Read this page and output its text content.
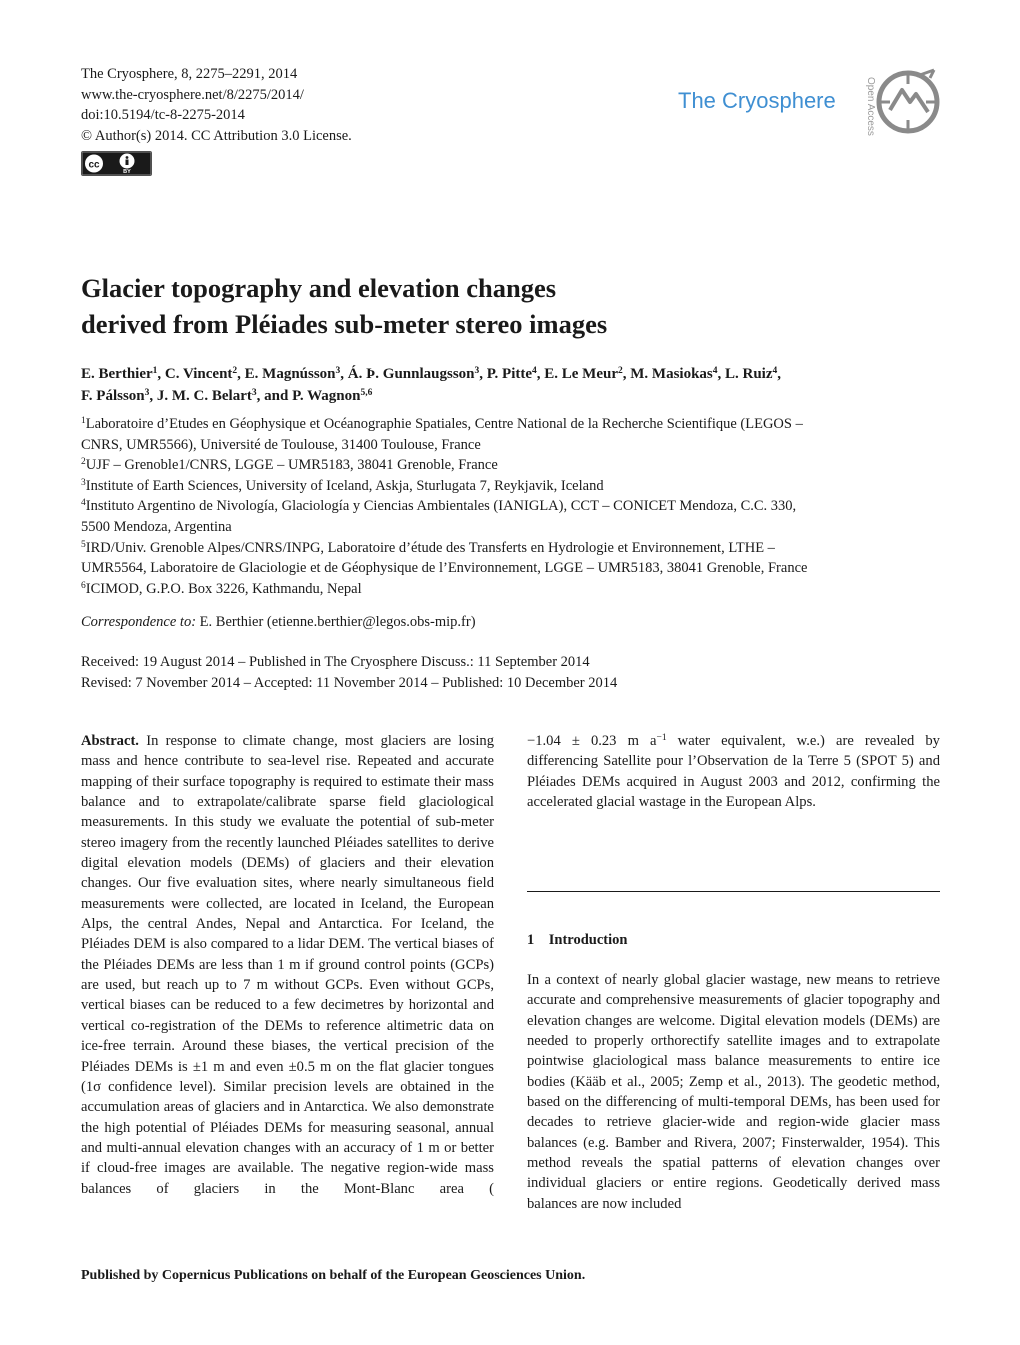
The Cryosphere, 8, 2275–2291, 2014
www.the-cryosphere.net/8/2275/2014/
doi:10.5194/tc-8-2275-2014
© Author(s) 2014. CC Attribution 3.0 License.
cc
BY
The Cryosphere	Open Access
Glacier topography and elevation changes
derived from Pléiades sub-meter stereo images
E. Berthier$^1$, C. Vincent$^2$, E. Magnússon$^3$, Á. Þ. Gunnlaugsson$^3$, P. Pitte$^4$, E. Le Meur$^2$, M. Masiokas$^4$, L. Ruiz$^4$,
F. Pálsson$^3$, J. M. C. Belart$^3$, and P. Wagnon$^{5,6}$
$^1$Laboratoire d’Etudes en Géophysique et Océanographie Spatiales, Centre National de la Recherche Scientifique (LEGOS –
CNRS, UMR5566), Université de Toulouse, 31400 Toulouse, France
$^2$UJF – Grenoble1/CNRS, LGGE – UMR5183, 38041 Grenoble, France
$^3$Institute of Earth Sciences, University of Iceland, Askja, Sturlugata 7, Reykjavik, Iceland
$^4$Instituto Argentino de Nivología, Glaciología y Ciencias Ambientales (IANIGLA), CCT – CONICET Mendoza, C.C. 330,
5500 Mendoza, Argentina
$^5$IRD/Univ. Grenoble Alpes/CNRS/INPG, Laboratoire d’étude des Transferts en Hydrologie et Environnement, LTHE –
UMR5564, Laboratoire de Glaciologie et de Géophysique de l’Environnement, LGGE – UMR5183, 38041 Grenoble, France
$^6$ICIMOD, G.P.O. Box 3226, Kathmandu, Nepal
Correspondence to: E. Berthier (etienne.berthier@legos.obs-mip.fr)
Received: 19 August 2014 – Published in The Cryosphere Discuss.: 11 September 2014
Revised: 7 November 2014 – Accepted: 11 November 2014 – Published: 10 December 2014
Abstract. In response to climate change, most glaciers are losing mass and hence contribute to sea-level rise. Repeated and accurate mapping of their surface topography is required to estimate their mass balance and to extrapolate/calibrate sparse field glaciological measurements. In this study we evaluate the potential of sub-meter stereo imagery from the recently launched Pléiades satellites to derive digital elevation models (DEMs) of glaciers and their elevation changes. Our five evaluation sites, where nearly simultaneous field measurements were collected, are located in Iceland, the European Alps, the central Andes, Nepal and Antarctica. For Iceland, the Pléiades DEM is also compared to a lidar DEM. The vertical biases of the Pléiades DEMs are less than 1 m if ground control points (GCPs) are used, but reach up to 7 m without GCPs. Even without GCPs, vertical biases can be reduced to a few decimetres by horizontal and vertical co-registration of the DEMs to reference altimetric data on ice-free terrain. Around these biases, the vertical precision of the Pléiades DEMs is ±1 m and even ±0.5 m on the flat glacier tongues (1σ confidence level). Similar precision levels are obtained in the accumulation areas of glaciers and in Antarctica. We also demonstrate the high potential of Pléiades DEMs for measuring seasonal, annual and multi-annual elevation changes with an accuracy of 1 m or better if cloud-free images are available. The negative region-wide mass balances of glaciers in the Mont-Blanc area (
−1.04 ± 0.23 m $a^{-1}$ water equivalent, w.e.) are revealed by differencing Satellite pour l’Observation de la Terre 5 (SPOT 5) and Pléiades DEMs acquired in August 2003 and 2012, confirming the accelerated glacial wastage in the European Alps.
1 Introduction
In a context of nearly global glacier wastage, new means to retrieve accurate and comprehensive measurements of glacier topography and elevation changes are welcome. Digital elevation models (DEMs) are needed to properly orthorectify satellite images and to extrapolate pointwise glaciological mass balance measurements to entire ice bodies (Kääb et al., 2005; Zemp et al., 2013). The geodetic method, based on the differencing of multi-temporal DEMs, has been used for decades to retrieve glacier-wide and region-wide glacier mass balances (e.g. Bamber and Rivera, 2007; Finsterwalder, 1954). This method reveals the spatial patterns of elevation changes over individual glaciers or entire regions. Geodetically derived mass balances are now included
Published by Copernicus Publications on behalf of the European Geosciences Union.
